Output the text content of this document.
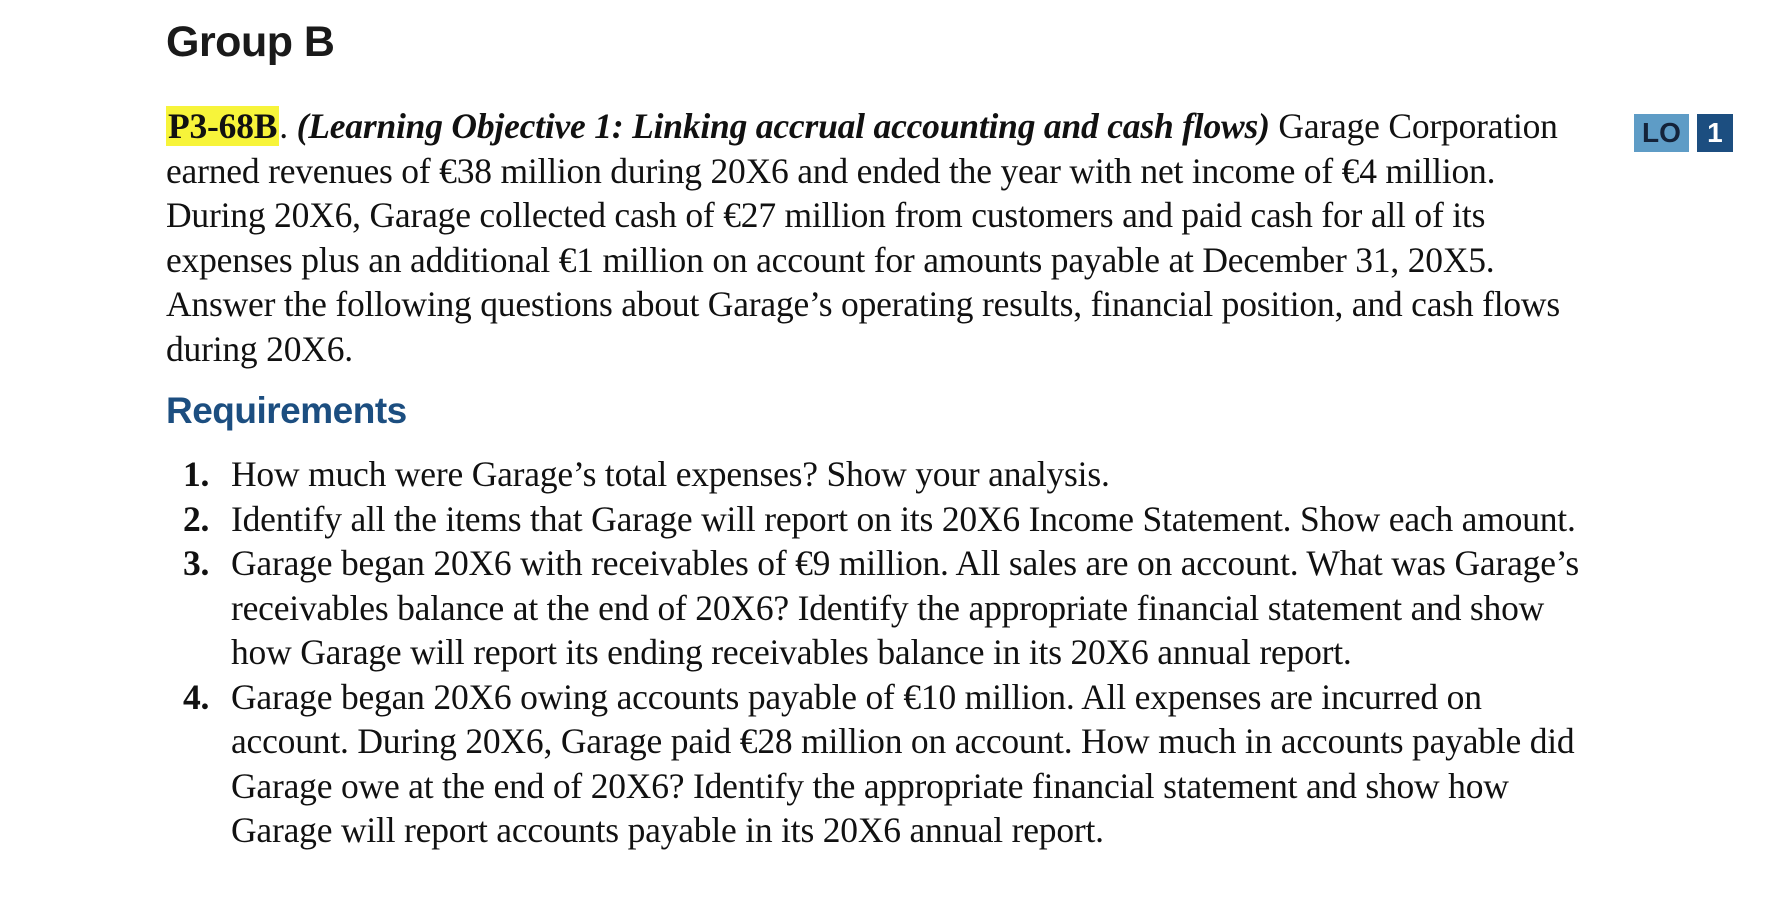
Group B
LO 1

P3-68B. (Learning Objective 1: Linking accrual accounting and cash flows) Garage Corporation earned revenues of €38 million during 20X6 and ended the year with net income of €4 million. During 20X6, Garage collected cash of €27 million from customers and paid cash for all of its expenses plus an additional €1 million on account for amounts payable at December 31, 20X5. Answer the following questions about Garage’s operating results, financial position, and cash flows during 20X6.

Requirements
1. How much were Garage’s total expenses? Show your analysis.
2. Identify all the items that Garage will report on its 20X6 Income Statement. Show each amount.
3. Garage began 20X6 with receivables of €9 million. All sales are on account. What was Garage’s receivables balance at the end of 20X6? Identify the appropriate financial statement and show how Garage will report its ending receivables balance in its 20X6 annual report.
4. Garage began 20X6 owing accounts payable of €10 million. All expenses are incurred on account. During 20X6, Garage paid €28 million on account. How much in accounts payable did Garage owe at the end of 20X6? Identify the appropriate financial statement and show how Garage will report accounts payable in its 20X6 annual report.
